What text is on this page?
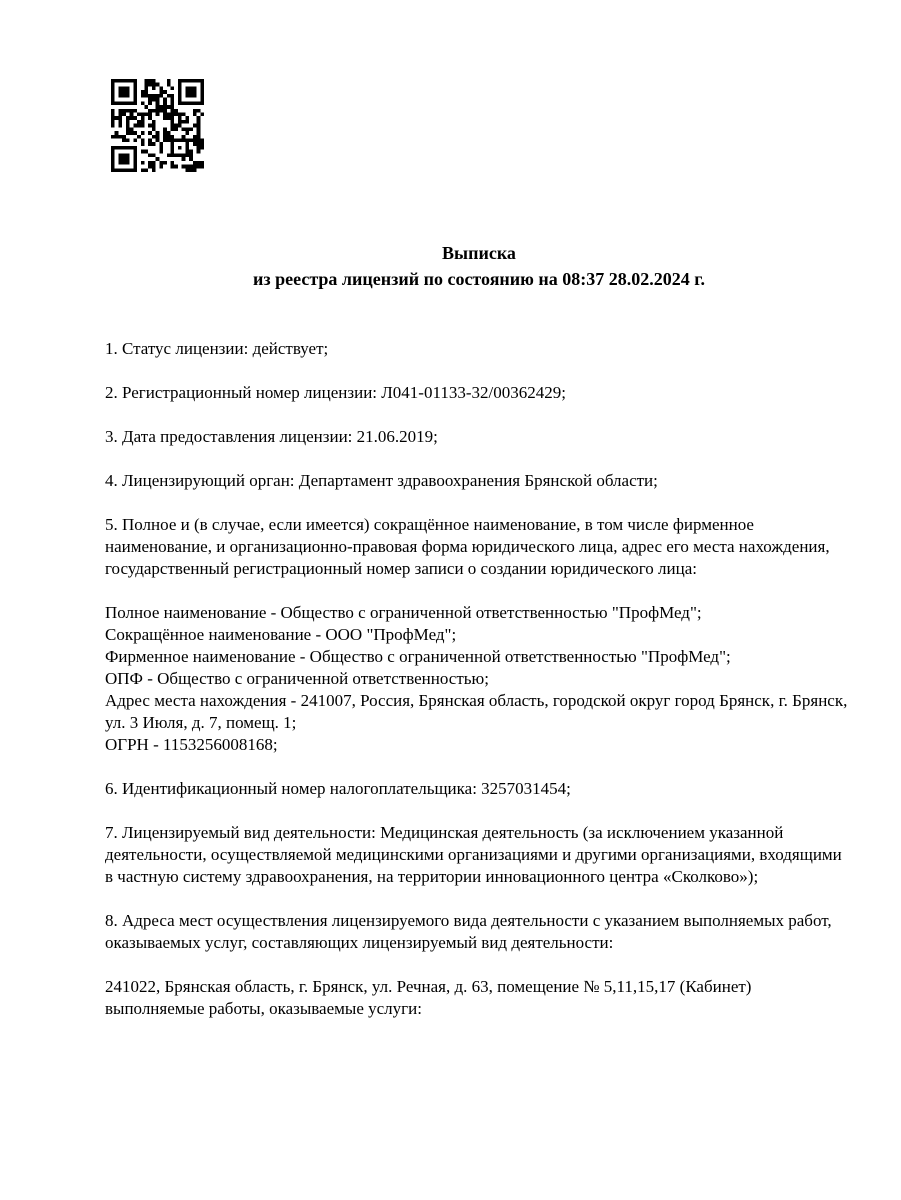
Выписка
из реестра лицензий по состоянию на 08:37 28.02.2024 г.

1. Статус лицензии: действует;

2. Регистрационный номер лицензии: Л041-01133-32/00362429;

3. Дата предоставления лицензии: 21.06.2019;

4. Лицензирующий орган: Департамент здравоохранения Брянской области;

5. Полное и (в случае, если имеется) сокращённое наименование, в том числе фирменное наименование, и организационно-правовая форма юридического лица, адрес его места нахождения, государственный регистрационный номер записи о создании юридического лица:

Полное наименование - Общество с ограниченной ответственностью "ПрофМед";
Сокращённое наименование - ООО "ПрофМед";
Фирменное наименование - Общество с ограниченной ответственностью "ПрофМед";
ОПФ - Общество с ограниченной ответственностью;
Адрес места нахождения - 241007, Россия, Брянская область, городской округ город Брянск, г. Брянск, ул. 3 Июля, д. 7, помещ. 1;
ОГРН - 1153256008168;

6. Идентификационный номер налогоплательщика: 3257031454;

7. Лицензируемый вид деятельности: Медицинская деятельность (за исключением указанной деятельности, осуществляемой медицинскими организациями и другими организациями, входящими в частную систему здравоохранения, на территории инновационного центра «Сколково»);

8. Адреса мест осуществления лицензируемого вида деятельности с указанием выполняемых работ, оказываемых услуг, составляющих лицензируемый вид деятельности:

241022, Брянская область, г. Брянск, ул. Речная, д. 63, помещение № 5,11,15,17 (Кабинет)
выполняемые работы, оказываемые услуги:
